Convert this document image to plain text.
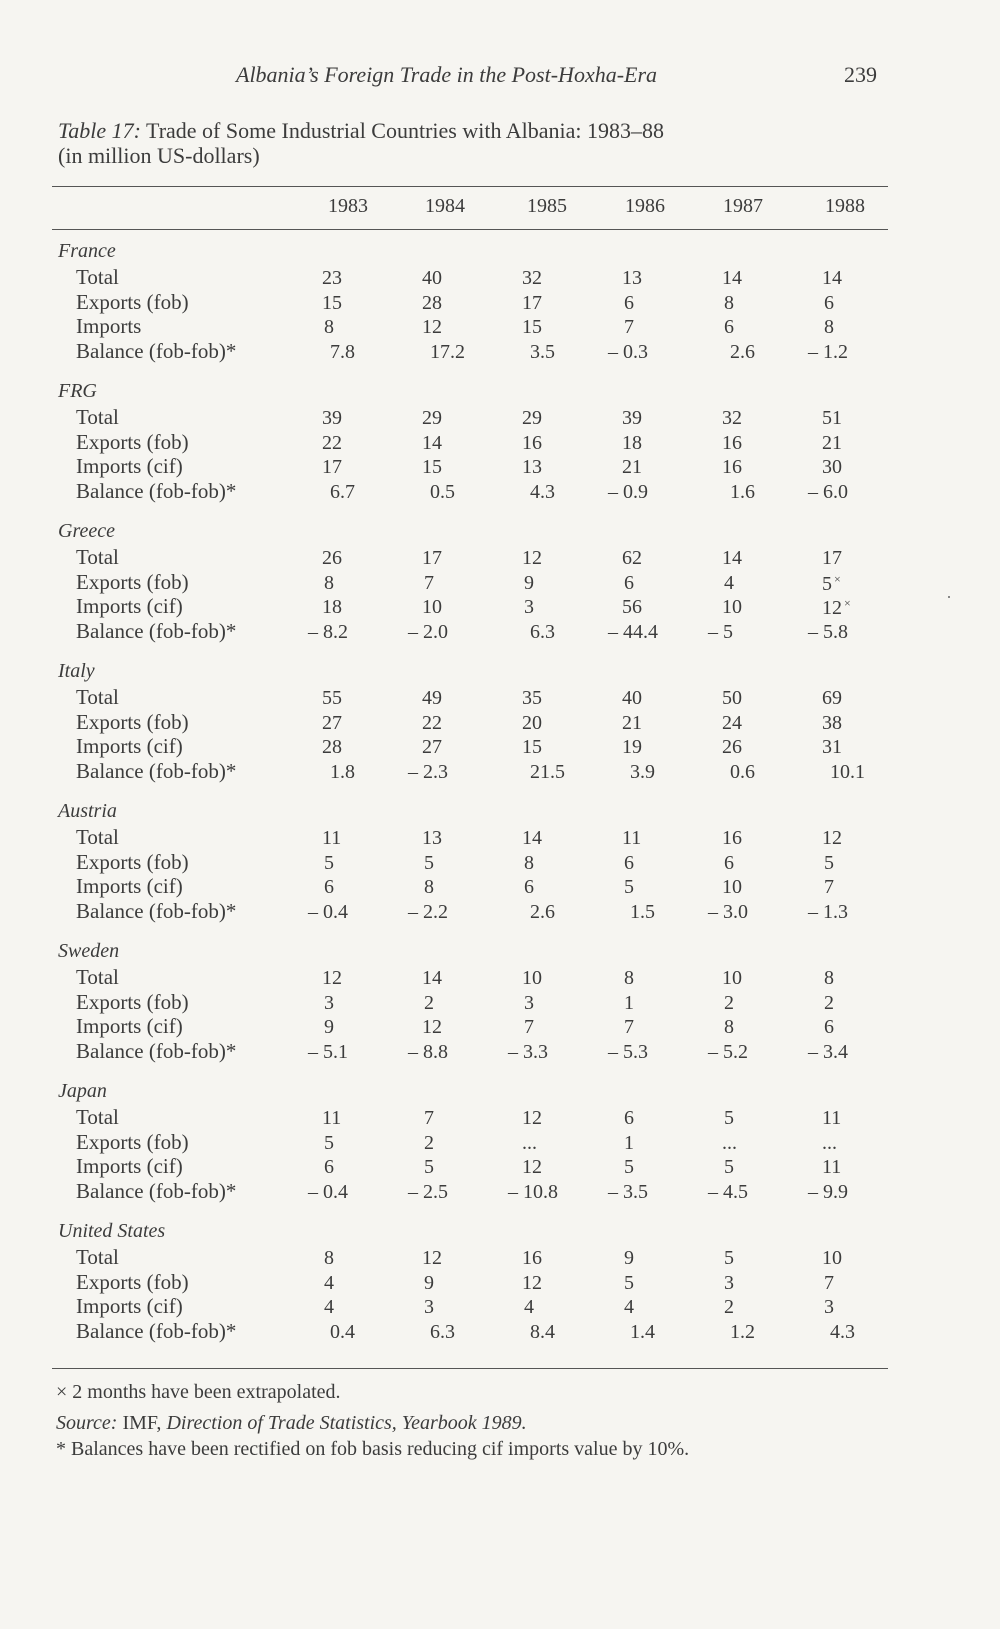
Albania’s Foreign Trade in the Post-Hoxha-Era	239
Table 17: Trade of Some Industrial Countries with Albania: 1983–88
(in million US-dollars)
1983	1984	1985	1986	1987	1988
France
Total	23	40	32	13	14	14
Exports (fob)	15	28	17	6	8	6
Imports	8	12	15	7	6	8
Balance (fob-fob)*	7.8	17.2	3.5	– 0.3	2.6	– 1.2
FRG
Total	39	29	29	39	32	51
Exports (fob)	22	14	16	18	16	21
Imports (cif)	17	15	13	21	16	30
Balance (fob-fob)*	6.7	0.5	4.3	– 0.9	1.6	– 6.0
Greece
Total	26	17	12	62	14	17
Exports (fob)	8	7	9	6	4	5 ×
Imports (cif)	18	10	3	56	10	12 ×
Balance (fob-fob)*	– 8.2	– 2.0	6.3	– 44.4	– 5	– 5.8
Italy
Total	55	49	35	40	50	69
Exports (fob)	27	22	20	21	24	38
Imports (cif)	28	27	15	19	26	31
Balance (fob-fob)*	1.8	– 2.3	21.5	3.9	0.6	10.1
Austria
Total	11	13	14	11	16	12
Exports (fob)	5	5	8	6	6	5
Imports (cif)	6	8	6	5	10	7
Balance (fob-fob)*	– 0.4	– 2.2	2.6	1.5	– 3.0	– 1.3
Sweden
Total	12	14	10	8	10	8
Exports (fob)	3	2	3	1	2	2
Imports (cif)	9	12	7	7	8	6
Balance (fob-fob)*	– 5.1	– 8.8	– 3.3	– 5.3	– 5.2	– 3.4
Japan
Total	11	7	12	6	5	11
Exports (fob)	5	2	...	1	...	...
Imports (cif)	6	5	12	5	5	11
Balance (fob-fob)*	– 0.4	– 2.5	– 10.8	– 3.5	– 4.5	– 9.9
United States
Total	8	12	16	9	5	10
Exports (fob)	4	9	12	5	3	7
Imports (cif)	4	3	4	4	2	3
Balance (fob-fob)*	0.4	6.3	8.4	1.4	1.2	4.3
× 2 months have been extrapolated.
Source: IMF, Direction of Trade Statistics, Yearbook 1989.
* Balances have been rectified on fob basis reducing cif imports value by 10%.
